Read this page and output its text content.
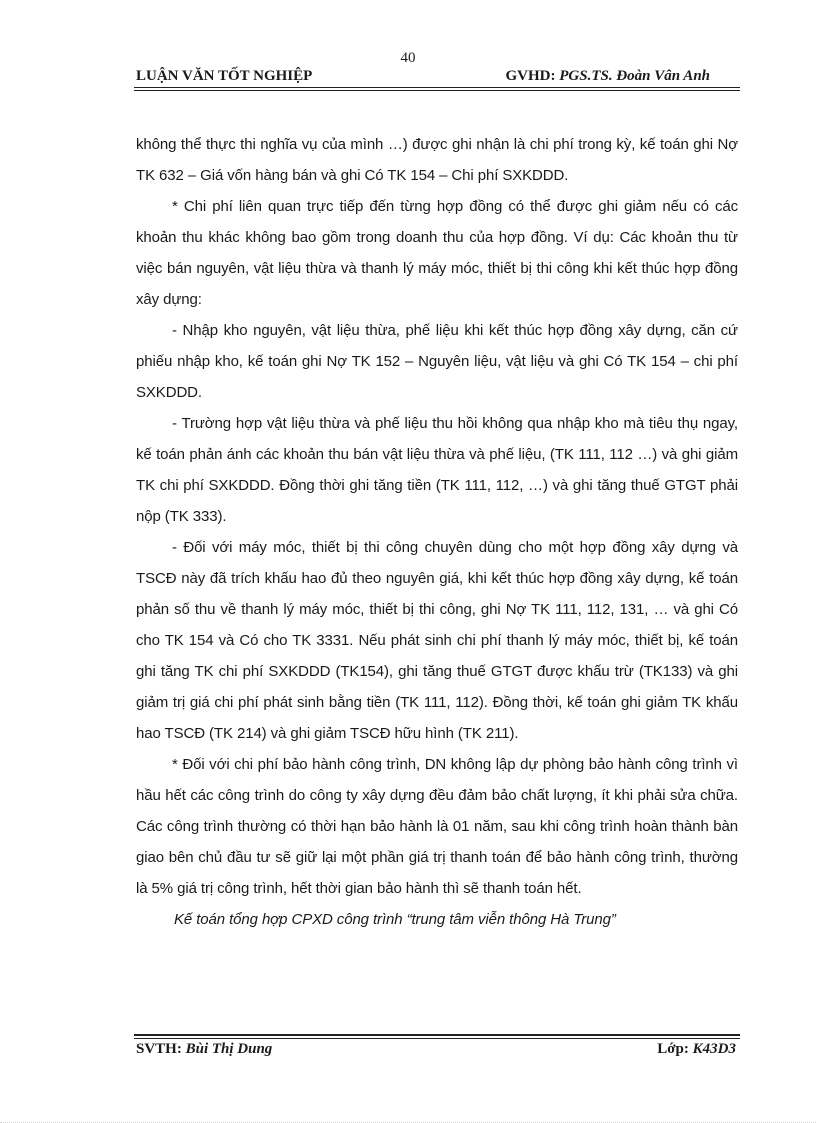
40
LUẬN VĂN TỐT NGHIỆP	GVHD: PGS.TS. Đoàn Vân Anh

không thể thực thi nghĩa vụ của mình …) được ghi nhận là chi phí trong kỳ, kế toán ghi Nợ TK 632 – Giá vốn hàng bán và ghi Có TK 154 – Chi phí SXKDDD.

* Chi phí liên quan trực tiếp đến từng hợp đồng có thể được ghi giảm nếu có các khoản thu khác không bao gồm trong doanh thu của hợp đồng. Ví dụ: Các khoản thu từ việc bán nguyên, vật liệu thừa và thanh lý máy móc, thiết bị thi công khi kết thúc hợp đồng xây dựng:

- Nhập kho nguyên, vật liệu thừa, phế liệu khi kết thúc hợp đồng xây dựng, căn cứ phiếu nhập kho, kế toán ghi Nợ TK 152 – Nguyên liệu, vật liệu và ghi Có TK 154 – chi phí SXKDDD.

- Trường hợp vật liệu thừa và phế liệu thu hồi không qua nhập kho mà tiêu thụ ngay, kế toán phản ánh các khoản thu bán vật liệu thừa và phế liệu, (TK 111, 112 …) và ghi giảm TK chi phí SXKDDD. Đồng thời ghi tăng tiền (TK 111, 112, …) và ghi tăng thuế GTGT phải nộp (TK 333).

- Đối với máy móc, thiết bị thi công chuyên dùng cho một hợp đồng xây dựng và TSCĐ này đã trích khấu hao đủ theo nguyên giá, khi kết thúc hợp đồng xây dựng, kế toán phản số thu về thanh lý máy móc, thiết bị thi công, ghi Nợ TK 111, 112, 131, … và ghi Có cho TK 154 và Có cho TK 3331. Nếu phát sinh chi phí thanh lý máy móc, thiết bị, kế toán ghi tăng TK chi phí SXKDDD (TK154), ghi tăng thuế GTGT được khấu trừ (TK133) và ghi giảm trị giá chi phí phát sinh bằng tiền (TK 111, 112). Đồng thời, kế toán ghi giảm TK khấu hao TSCĐ (TK 214) và ghi giảm TSCĐ hữu hình (TK 211).

* Đối với chi phí bảo hành công trình, DN không lập dự phòng bảo hành công trình vì hầu hết các công trình do công ty xây dựng đều đảm bảo chất lượng, ít khi phải sửa chữa. Các công trình thường có thời hạn bảo hành là 01 năm, sau khi công trình hoàn thành bàn giao bên chủ đầu tư sẽ giữ lại một phần giá trị thanh toán để bảo hành công trình, thường là 5% giá trị công trình, hết thời gian bảo hành thì sẽ thanh toán hết.

Kế toán tổng hợp CPXD công trình “trung tâm viễn thông Hà Trung”

SVTH: Bùi Thị Dung	Lớp: K43D3
